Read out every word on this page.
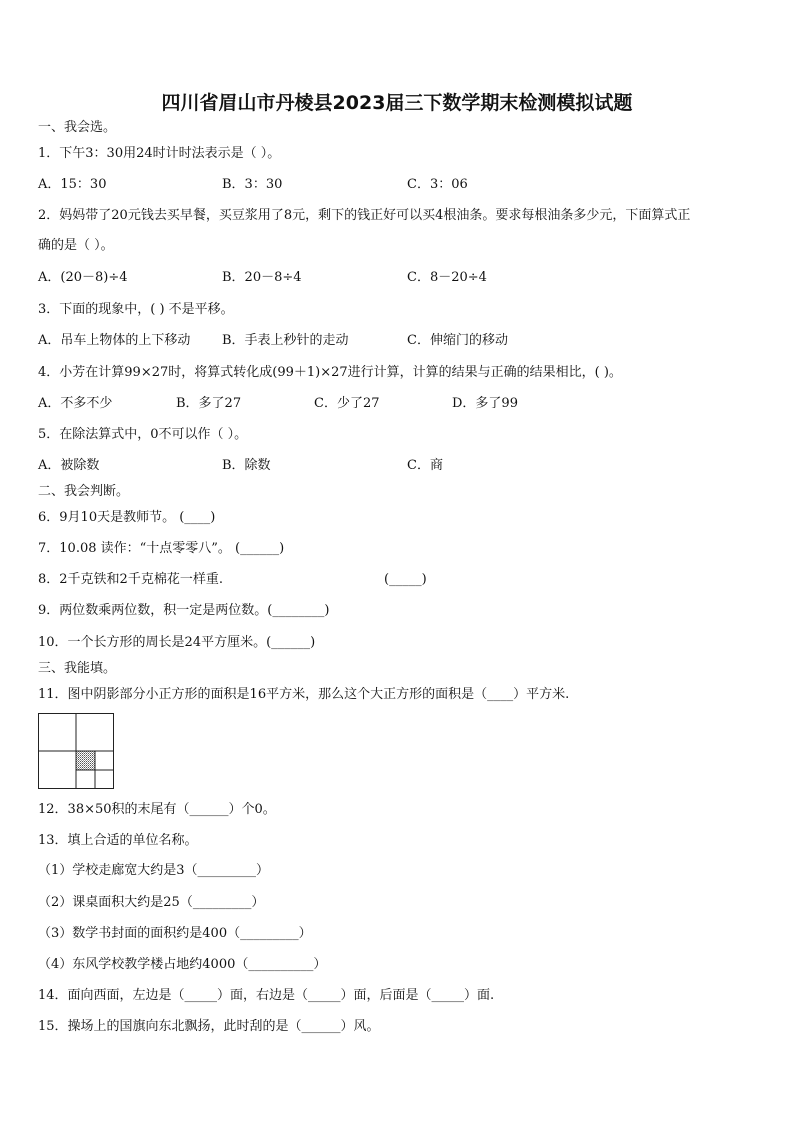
四川省眉山市丹棱县2023届三下数学期末检测模拟试题
一、我会选。
1．下午3：30用24时计时法表示是（ ）。
A．15：30	B．3：30	C．3：06
2．妈妈带了20元钱去买早餐，买豆浆用了8元，剩下的钱正好可以买4根油条。要求每根油条多少元，下面算式正
确的是（ ）。
A．(20－8)÷4	B．20－8÷4	C．8－20÷4
3．下面的现象中，( ) 不是平移。
A．吊车上物体的上下移动 B．手表上秒针的走动	C．伸缩门的移动
4．小芳在计算99×27时，将算式转化成(99＋1)×27进行计算，计算的结果与正确的结果相比，( )。
A．不多不少	B．多了27	C．少了27	D．多了99
5．在除法算式中，0不可以作（ ）。
A．被除数	B．除数	C．商
二、我会判断。
6．9月10天是教师节。 (____)
7．10.08 读作：“十点零零八”。 (______)
8．2千克铁和2千克棉花一样重.	(_____)
9．两位数乘两位数，积一定是两位数。(________)
10．一个长方形的周长是24平方厘米。(______)
三、我能填。
11．图中阴影部分小正方形的面积是16平方米，那么这个大正方形的面积是（____）平方米.
12．38×50积的末尾有（______）个0。
13．填上合适的单位名称。
（1）学校走廊宽大约是3（_________）
（2）课桌面积大约是25（_________）
（3）数学书封面的面积约是400（_________）
（4）东风学校教学楼占地约4000（__________）
14．面向西面，左边是（_____）面，右边是（_____）面，后面是（_____）面.
15．操场上的国旗向东北飘扬，此时刮的是（______）风。
